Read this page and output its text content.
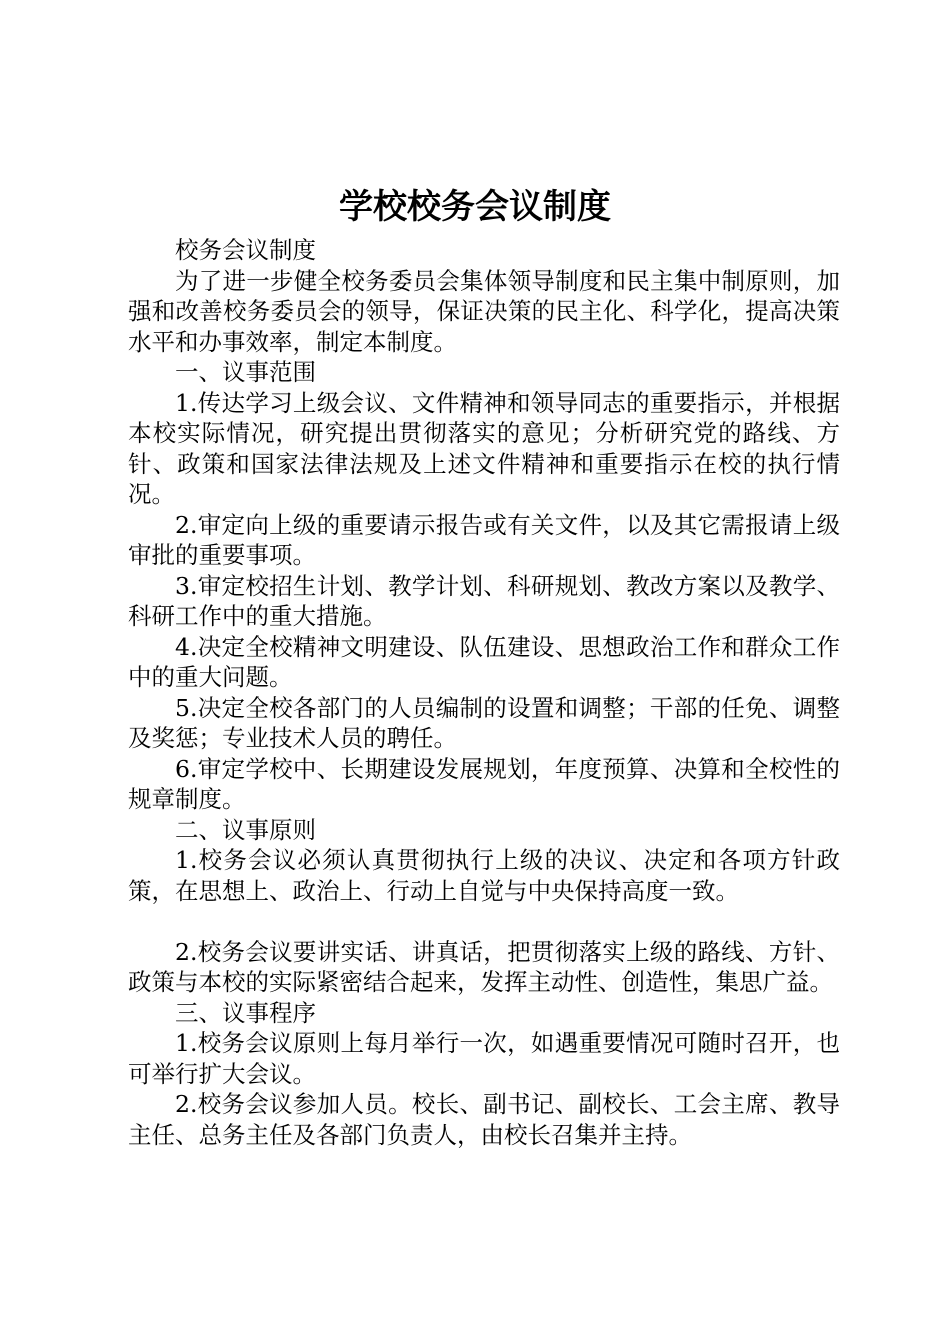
学校校务会议制度

校务会议制度

为了进一步健全校务委员会集体领导制度和民主集中制原则，加强和改善校务委员会的领导，保证决策的民主化、科学化，提高决策水平和办事效率，制定本制度。

一、议事范围

1.传达学习上级会议、文件精神和领导同志的重要指示，并根据本校实际情况，研究提出贯彻落实的意见；分析研究党的路线、方针、政策和国家法律法规及上述文件精神和重要指示在校的执行情况。

2.审定向上级的重要请示报告或有关文件，以及其它需报请上级审批的重要事项。

3.审定校招生计划、教学计划、科研规划、教改方案以及教学、科研工作中的重大措施。

4.决定全校精神文明建设、队伍建设、思想政治工作和群众工作中的重大问题。

5.决定全校各部门的人员编制的设置和调整；干部的任免、调整及奖惩；专业技术人员的聘任。

6.审定学校中、长期建设发展规划，年度预算、决算和全校性的规章制度。

二、议事原则

1.校务会议必须认真贯彻执行上级的决议、决定和各项方针政策，在思想上、政治上、行动上自觉与中央保持高度一致。

2.校务会议要讲实话、讲真话，把贯彻落实上级的路线、方针、政策与本校的实际紧密结合起来，发挥主动性、创造性，集思广益。

三、议事程序

1.校务会议原则上每月举行一次，如遇重要情况可随时召开，也可举行扩大会议。

2.校务会议参加人员。校长、副书记、副校长、工会主席、教导主任、总务主任及各部门负责人，由校长召集并主持。
